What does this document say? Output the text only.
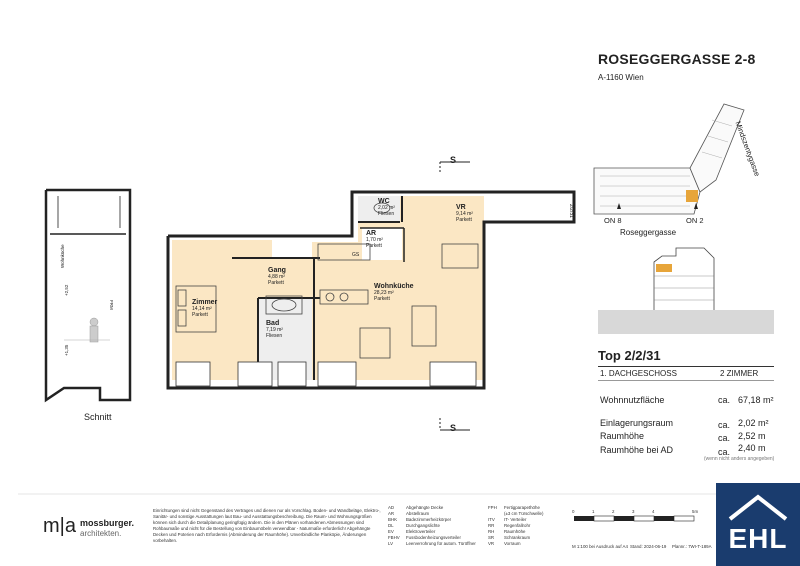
ROSEGGERGASSE 2-8
A-1160 Wien
ON 8	ON 2
Roseggergasse
Mindszentygasse
Top 2/2/31
1. DACHGESCHOSS	2 ZIMMER
Wohnnutzfläche	ca. 67,18 m²
Einlagerungsraum	ca. 2,02 m²
Raumhöhe	ca. 2,52 m
Raumhöhe bei AD	ca. 2,40 m
(wenn nicht anders angegeben)
WC
2,02 m²
Fliesen
VR
9,14 m²
Parkett
AR
1,70 m²
Parkett
Gang
4,88 m²
Parkett
Zimmer
14,14 m²
Parkett
Bad
7,19 m²
Fliesen
Wohnküche
28,23 m²
Parkett
S
S
2/2/31
GS
Schnitt
Wohnküche
FRM
+2,52
+1,35
m|a mossburger.
architekten.
Einrichtungen sind nicht Gegenstand des Vertrages und dienen nur als Vorschlag. Boden- und Wandbeläge, Elektro-, Sanitär- und sonstige Ausstattungen laut Bau- und Ausstattungsbeschreibung. Die Raum- und Wohnungsgrößen können sich durch die Detailplanung geringfügig ändern. Die in den Plänen vorhandenen Abmessungen sind Rohbaumaße und nicht für die Bestellung von Einbaumöbeln verwendbar - Naturmaße erforderlich! Abgehängte Decken und Poterien nach Erfordernis (Abminderung der Raumhöhe). Unverbindliche Planköpie, Änderungen vorbehalten.
AD	Abgehängte Decke
AR	Abstellraum
BHK Badezimmerheizkörper
DL	Durchgangslichte
EV	Elektroverteiler
FBHV Fussbodenheizungsverteiler
LV	Leerverrohrung für autom. Türöffner
FPH Fertigparapethöhe
(±3 cm Türschwelle)
ITV IT- Verteiler
RR Regenfallrohr
RH Raumhöhe
SR Schrankraum
VR Vorraum
0	1	2	3	4	5m
M 1:100 bei Ausdruck auf A4 Stand: 2024-06-19 Plannr.: 7WI-T-189A EHL
